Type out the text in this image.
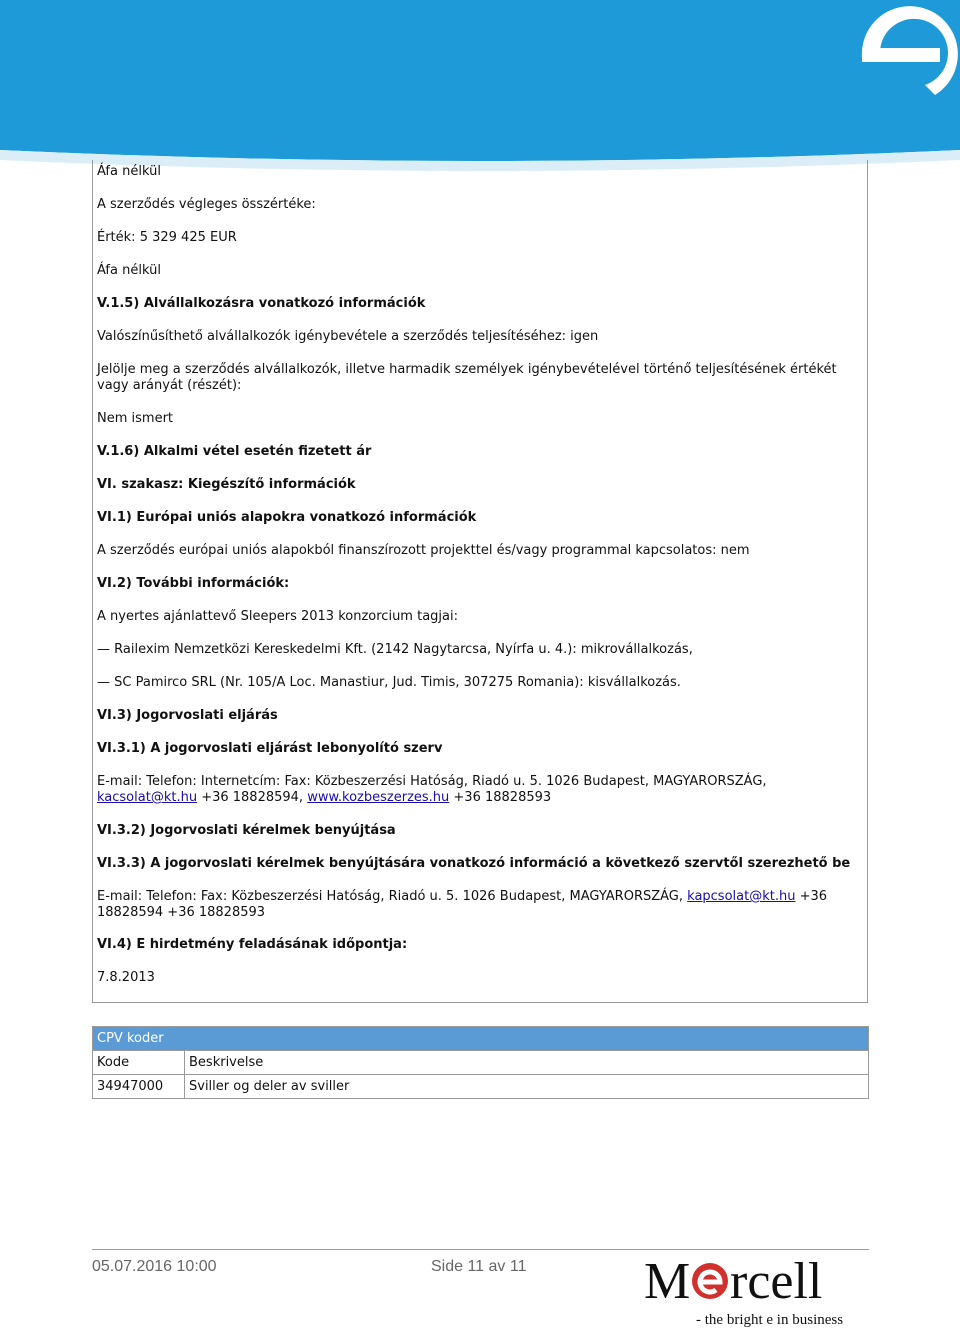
Áfa nélkül
A szerződés végleges összértéke:
Érték: 5 329 425 EUR
Áfa nélkül
V.1.5) Alvállalkozásra vonatkozó információk
Valószínűsíthető alvállalkozók igénybevétele a szerződés teljesítéséhez: igen
Jelölje meg a szerződés alvállalkozók, illetve harmadik személyek igénybevételével történő teljesítésének értékét vagy arányát (részét):
Nem ismert
V.1.6) Alkalmi vétel esetén fizetett ár
VI. szakasz: Kiegészítő információk
VI.1) Európai uniós alapokra vonatkozó információk
A szerződés európai uniós alapokból finanszírozott projekttel és/vagy programmal kapcsolatos: nem
VI.2) További információk:
A nyertes ajánlattevő Sleepers 2013 konzorcium tagjai:
— Railexim Nemzetközi Kereskedelmi Kft. (2142 Nagytarcsa, Nyírfa u. 4.): mikrovállalkozás,
— SC Pamirco SRL (Nr. 105/A Loc. Manastiur, Jud. Timis, 307275 Romania): kisvállalkozás.
VI.3) Jogorvoslati eljárás
VI.3.1) A jogorvoslati eljárást lebonyolító szerv
E-mail: Telefon: Internetcím: Fax: Közbeszerzési Hatóság, Riadó u. 5. 1026 Budapest, MAGYARORSZÁG, kacsolat@kt.hu +36 18828594, www.kozbeszerzes.hu +36 18828593
VI.3.2) Jogorvoslati kérelmek benyújtása
VI.3.3) A jogorvoslati kérelmek benyújtására vonatkozó információ a következő szervtől szerezhető be
E-mail: Telefon: Fax: Közbeszerzési Hatóság, Riadó u. 5. 1026 Budapest, MAGYARORSZÁG, kapcsolat@kt.hu +36 18828594 +36 18828593
VI.4) E hirdetmény feladásának időpontja:
7.8.2013
CPV koder	
Kode	Beskrivelse
34947000	Sviller og deler av sviller
05.07.2016 10:00	Side 11 av 11 M rcell
- the bright e in business
